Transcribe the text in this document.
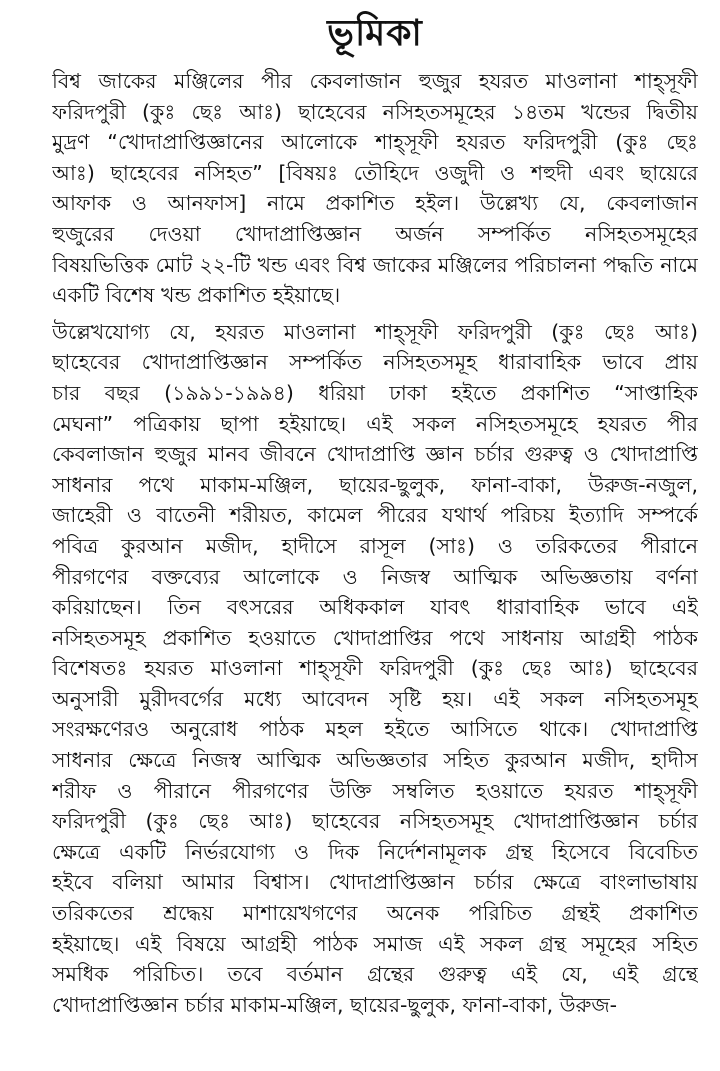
ভূমিকা

বিশ্ব জাকের মঞ্জিলের পীর কেবলাজান হুজুর হযরত মাওলানা শাহ্‌সূফী
ফরিদপুরী (কুঃ ছেঃ আঃ) ছাহেবের নসিহতসমূহের ১৪তম খন্ডের দ্বিতীয়
মুদ্রণ “খোদাপ্রাপ্তিজ্ঞানের আলোকে শাহ্‌সূফী হযরত ফরিদপুরী (কুঃ ছেঃ
আঃ) ছাহেবের নসিহত” [বিষয়ঃ তৌহিদে ওজুদী ও শহুদী এবং ছায়েরে
আফাক ও আনফাস] নামে প্রকাশিত হইল। উল্লেখ্য যে, কেবলাজান
হুজুরের দেওয়া খোদাপ্রাপ্তিজ্ঞান অর্জন সম্পর্কিত নসিহতসমূহের
বিষয়ভিত্তিক মোট ২২-টি খন্ড এবং বিশ্ব জাকের মঞ্জিলের পরিচালনা পদ্ধতি নামে
একটি বিশেষ খন্ড প্রকাশিত হইয়াছে।

উল্লেখযোগ্য যে, হযরত মাওলানা শাহ্‌সূফী ফরিদপুরী (কুঃ ছেঃ আঃ)
ছাহেবের খোদাপ্রাপ্তিজ্ঞান সম্পর্কিত নসিহতসমূহ ধারাবাহিক ভাবে প্রায়
চার বছর (১৯৯১-১৯৯৪) ধরিয়া ঢাকা হইতে প্রকাশিত “সাপ্তাহিক
মেঘনা” পত্রিকায় ছাপা হইয়াছে। এই সকল নসিহতসমূহে হযরত পীর
কেবলাজান হুজুর মানব জীবনে খোদাপ্রাপ্তি জ্ঞান চর্চার গুরুত্ব ও খোদাপ্রাপ্তি
সাধনার পথে মাকাম-মঞ্জিল, ছায়ের-ছুলুক, ফানা-বাকা, উরুজ-নজুল,
জাহেরী ও বাতেনী শরীয়ত, কামেল পীরের যথার্থ পরিচয় ইত্যাদি সম্পর্কে
পবিত্র কুরআন মজীদ, হাদীসে রাসূল (সাঃ) ও তরিকতের পীরানে
পীরগণের বক্তব্যের আলোকে ও নিজস্ব আত্মিক অভিজ্ঞতায় বর্ণনা
করিয়াছেন। তিন বৎসরের অধিককাল যাবৎ ধারাবাহিক ভাবে এই
নসিহতসমূহ প্রকাশিত হওয়াতে খোদাপ্রাপ্তির পথে সাধনায় আগ্রহী পাঠক
বিশেষতঃ হযরত মাওলানা শাহ্‌সূফী ফরিদপুরী (কুঃ ছেঃ আঃ) ছাহেবের
অনুসারী মুরীদবর্গের মধ্যে আবেদন সৃষ্টি হয়। এই সকল নসিহতসমূহ
সংরক্ষণেরও অনুরোধ পাঠক মহল হইতে আসিতে থাকে। খোদাপ্রাপ্তি
সাধনার ক্ষেত্রে নিজস্ব আত্মিক অভিজ্ঞতার সহিত কুরআন মজীদ, হাদীস
শরীফ ও পীরানে পীরগণের উক্তি সম্বলিত হওয়াতে হযরত শাহ্‌সূফী
ফরিদপুরী (কুঃ ছেঃ আঃ) ছাহেবের নসিহতসমূহ খোদাপ্রাপ্তিজ্ঞান চর্চার
ক্ষেত্রে একটি নির্ভরযোগ্য ও দিক নির্দেশনামূলক গ্রন্থ হিসেবে বিবেচিত
হইবে বলিয়া আমার বিশ্বাস। খোদাপ্রাপ্তিজ্ঞান চর্চার ক্ষেত্রে বাংলাভাষায়
তরিকতের শ্রদ্ধেয় মাশায়েখগণের অনেক পরিচিত গ্রন্থই প্রকাশিত
হইয়াছে। এই বিষয়ে আগ্রহী পাঠক সমাজ এই সকল গ্রন্থ সমূহের সহিত
সমধিক পরিচিত। তবে বর্তমান গ্রন্থের গুরুত্ব এই যে, এই গ্রন্থে
খোদাপ্রাপ্তিজ্ঞান চর্চার মাকাম-মঞ্জিল, ছায়ের-ছুলুক, ফানা-বাকা, উরুজ-
